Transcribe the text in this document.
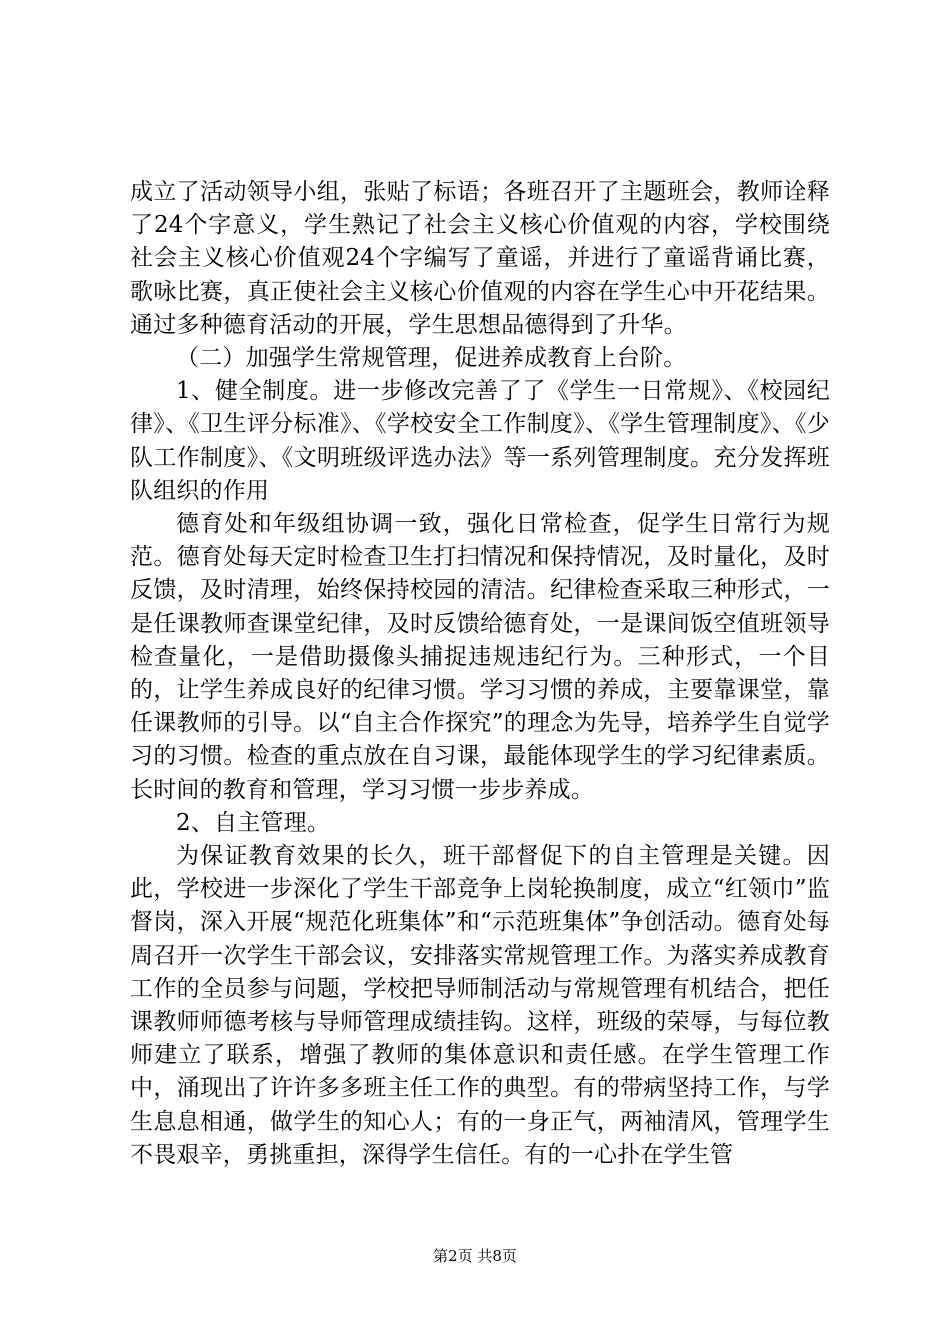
成立了活动领导小组，张贴了标语；各班召开了主题班会，教师诠释了24个字意义，学生熟记了社会主义核心价值观的内容，学校围绕社会主义核心价值观24个字编写了童谣，并进行了童谣背诵比赛，歌咏比赛，真正使社会主义核心价值观的内容在学生心中开花结果。通过多种德育活动的开展，学生思想品德得到了升华。

（二）加强学生常规管理，促进养成教育上台阶。

1、健全制度。进一步修改完善了了《学生一日常规》、《校园纪律》、《卫生评分标准》、《学校安全工作制度》、《学生管理制度》、《少队工作制度》、《文明班级评选办法》等一系列管理制度。充分发挥班队组织的作用

德育处和年级组协调一致，强化日常检查，促学生日常行为规范。德育处每天定时检查卫生打扫情况和保持情况，及时量化，及时反馈，及时清理，始终保持校园的清洁。纪律检查采取三种形式，一是任课教师查课堂纪律，及时反馈给德育处，一是课间饭空值班领导检查量化，一是借助摄像头捕捉违规违纪行为。三种形式，一个目的，让学生养成良好的纪律习惯。学习习惯的养成，主要靠课堂，靠任课教师的引导。以“自主合作探究”的理念为先导，培养学生自觉学习的习惯。检查的重点放在自习课，最能体现学生的学习纪律素质。长时间的教育和管理，学习习惯一步步养成。

2、自主管理。

为保证教育效果的长久，班干部督促下的自主管理是关键。因此，学校进一步深化了学生干部竞争上岗轮换制度，成立“红领巾”监督岗，深入开展“规范化班集体”和“示范班集体”争创活动。德育处每周召开一次学生干部会议，安排落实常规管理工作。为落实养成教育工作的全员参与问题，学校把导师制活动与常规管理有机结合，把任课教师师德考核与导师管理成绩挂钩。这样，班级的荣辱，与每位教师建立了联系，增强了教师的集体意识和责任感。在学生管理工作中，涌现出了许许多多班主任工作的典型。有的带病坚持工作，与学生息息相通，做学生的知心人；有的一身正气，两袖清风，管理学生不畏艰辛，勇挑重担，深得学生信任。有的一心扑在学生管

第2页 共8页
